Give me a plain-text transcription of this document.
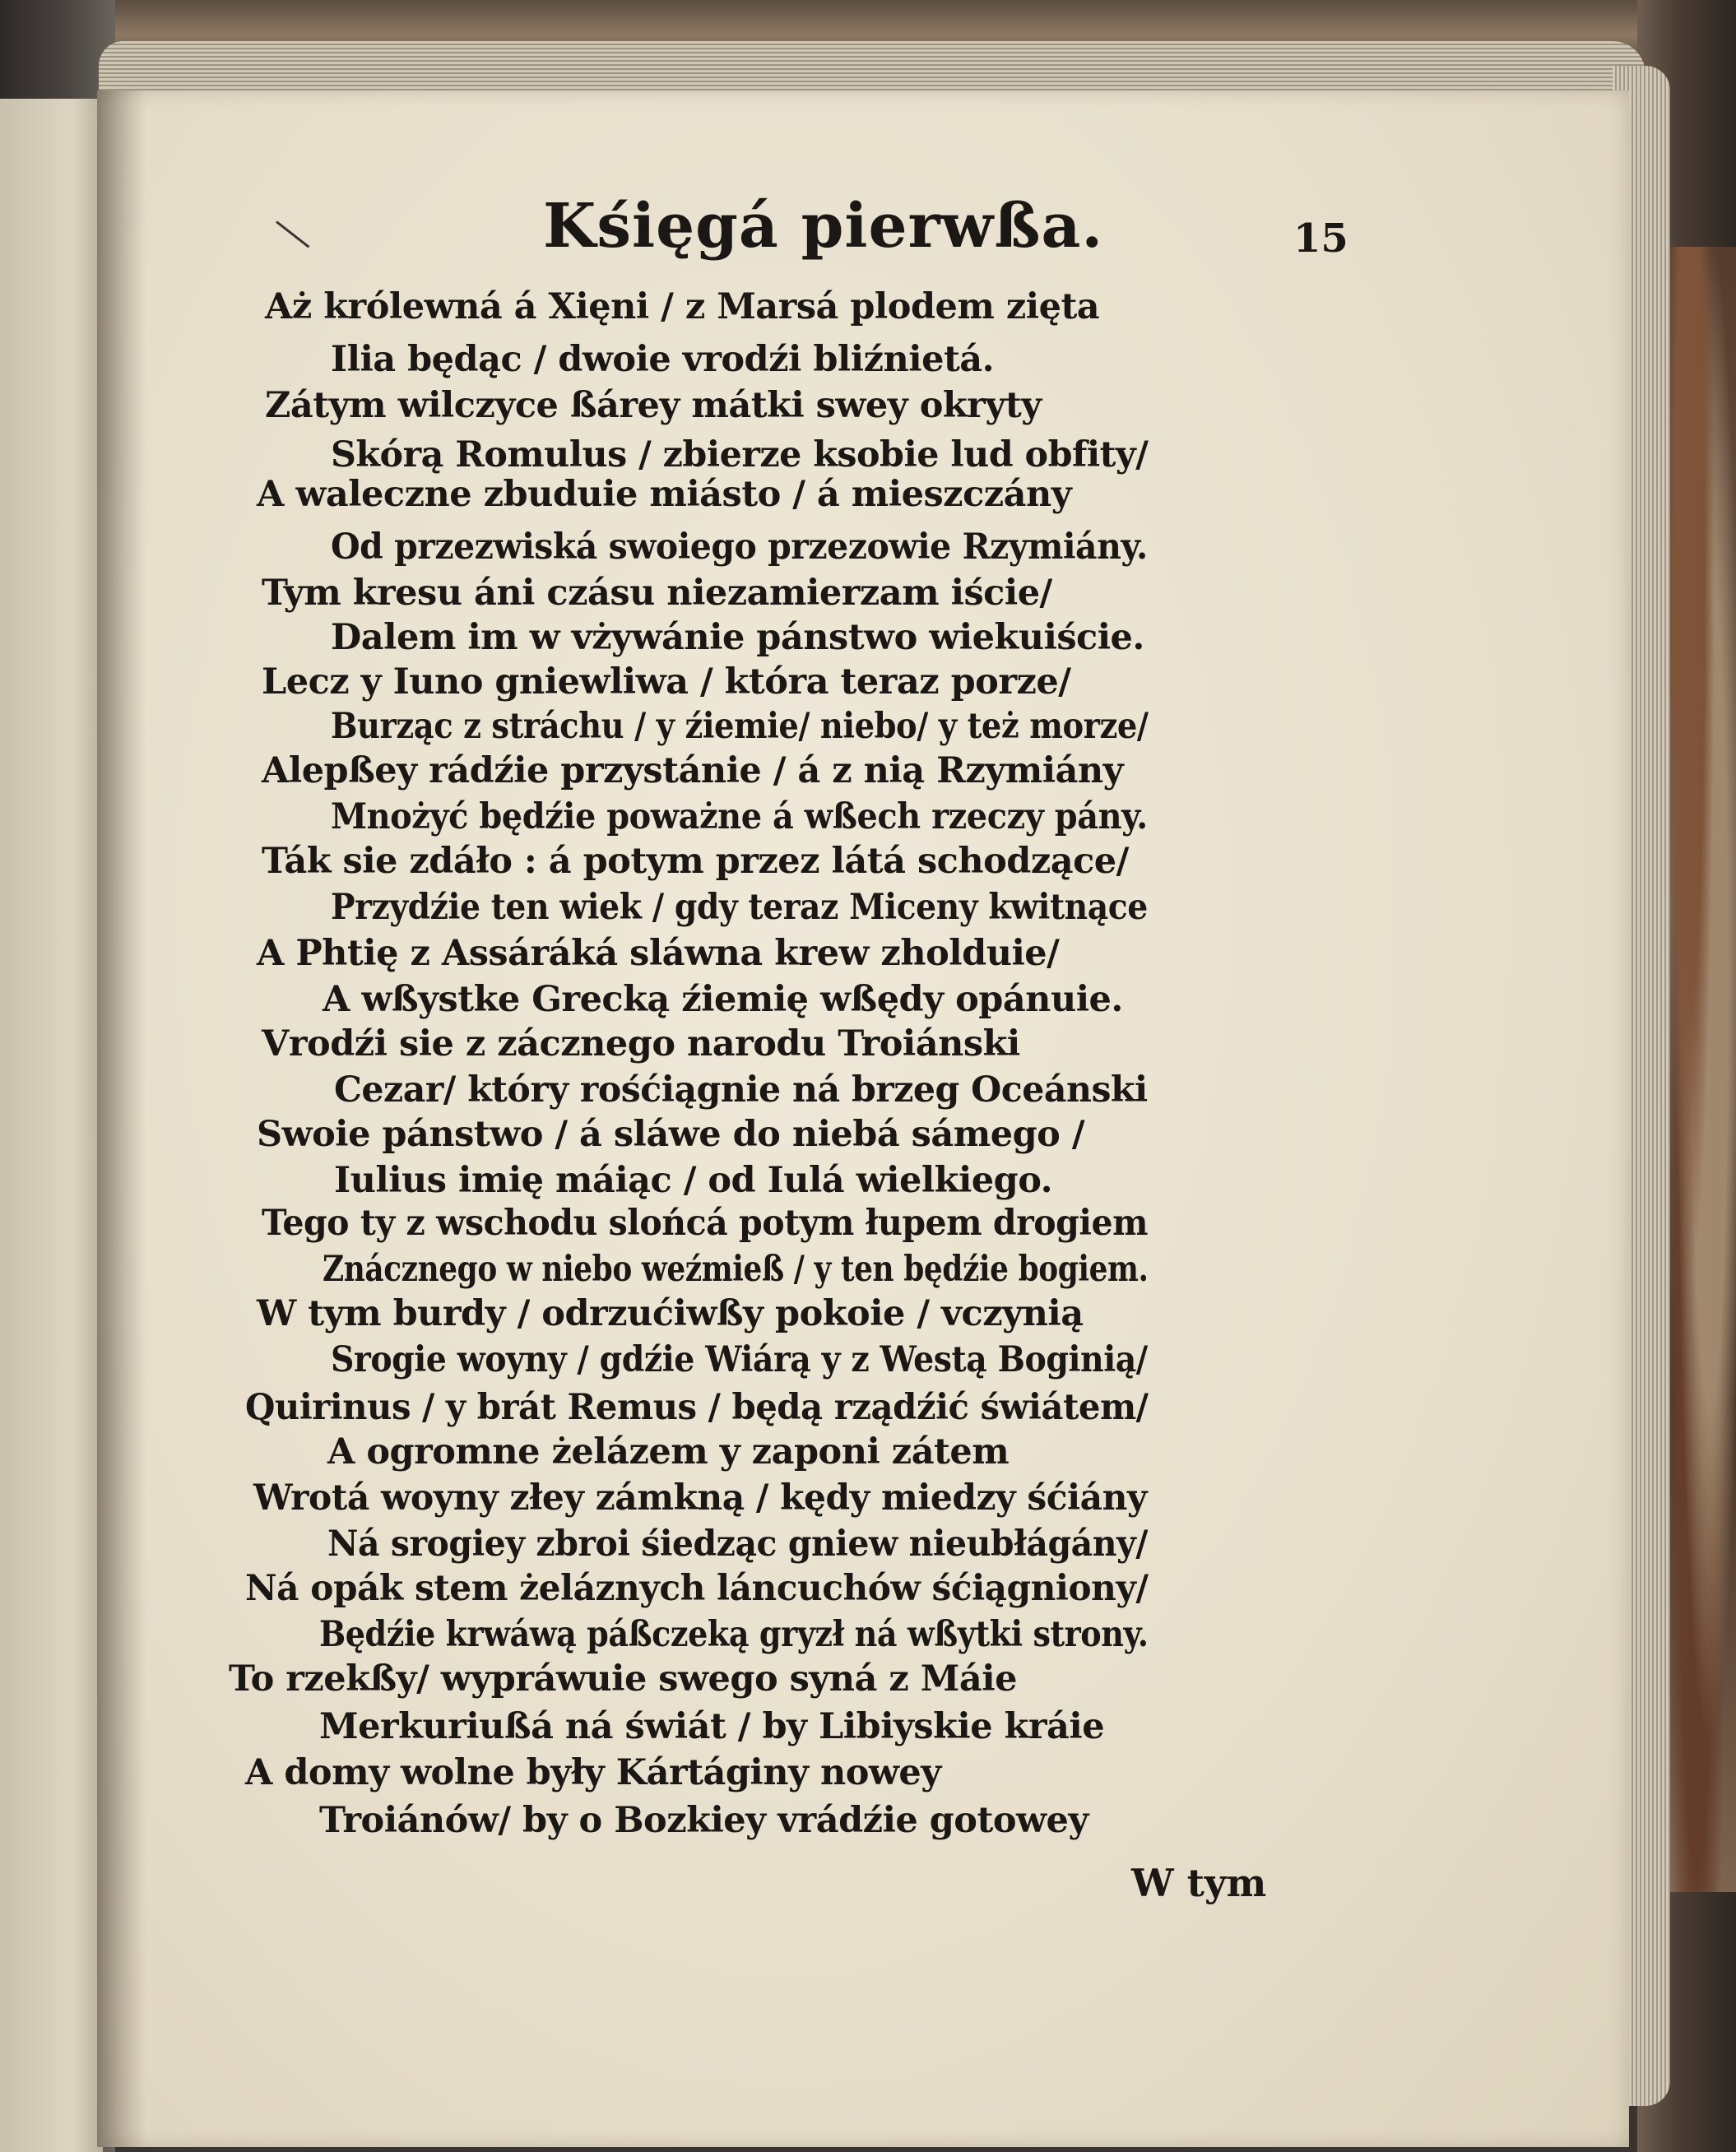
Kśięgá pierwßa.	15
Aż królewná á Xięni / z Marsá plodem zięta
Ilia będąc / dwoie vrodźi bliźnietá.
Zátym wilczyce ßárey mátki swey okryty
Skórą Romulus / zbierze ksobie lud obfity/
A waleczne zbuduie miásto / á mieszczány
Od przezwiská swoiego przezowie Rzymiány.
Tym kresu áni czásu niezamierzam iście/
Dalem im w vżywánie pánstwo wiekuiście.
Lecz y Iuno gniewliwa / która teraz porze/
Burząc z stráchu / y źiemie/ niebo/ y też morze/
Alepßey rádźie przystánie / á z nią Rzymiány
Mnożyć będźie poważne á wßech rzeczy pány.
Ták sie zdáło : á potym przez látá schodzące/
Przydźie ten wiek / gdy teraz Miceny kwitnące
A Phtię z Assáráká sláwna krew zholduie/
A wßystke Grecką źiemię wßędy opánuie.
Vrodźi sie z zácznego narodu Troiánski
Cezar/ który rośćiągnie ná brzeg Oceánski
Swoie pánstwo / á sláwe do niebá sámego /
Iulius imię máiąc / od Iulá wielkiego.
Tego ty z wschodu slońcá potym łupem drogiem
Znácznego w niebo weźmieß / y ten będźie bogiem.
W tym burdy / odrzućiwßy pokoie / vczynią
Srogie woyny / gdźie Wiárą y z Westą Boginią/
Quirinus / y brát Remus / będą rządźić świátem/
A ogromne żelázem y zaponi zátem
Wrotá woyny złey zámkną / kędy miedzy śćiány
Ná srogiey zbroi śiedząc gniew nieubłágány/
Ná opák stem żeláznych láncuchów śćiągniony/
Będźie krwáwą páßczeką gryzł ná wßytki strony.
To rzekßy/ wypráwuie swego syná z Máie
Merkuriußá ná świát / by Libiyskie kráie
A domy wolne były Kártáginy nowey
Troiánów/ by o Bozkiey vrádźie gotowey
W tym
